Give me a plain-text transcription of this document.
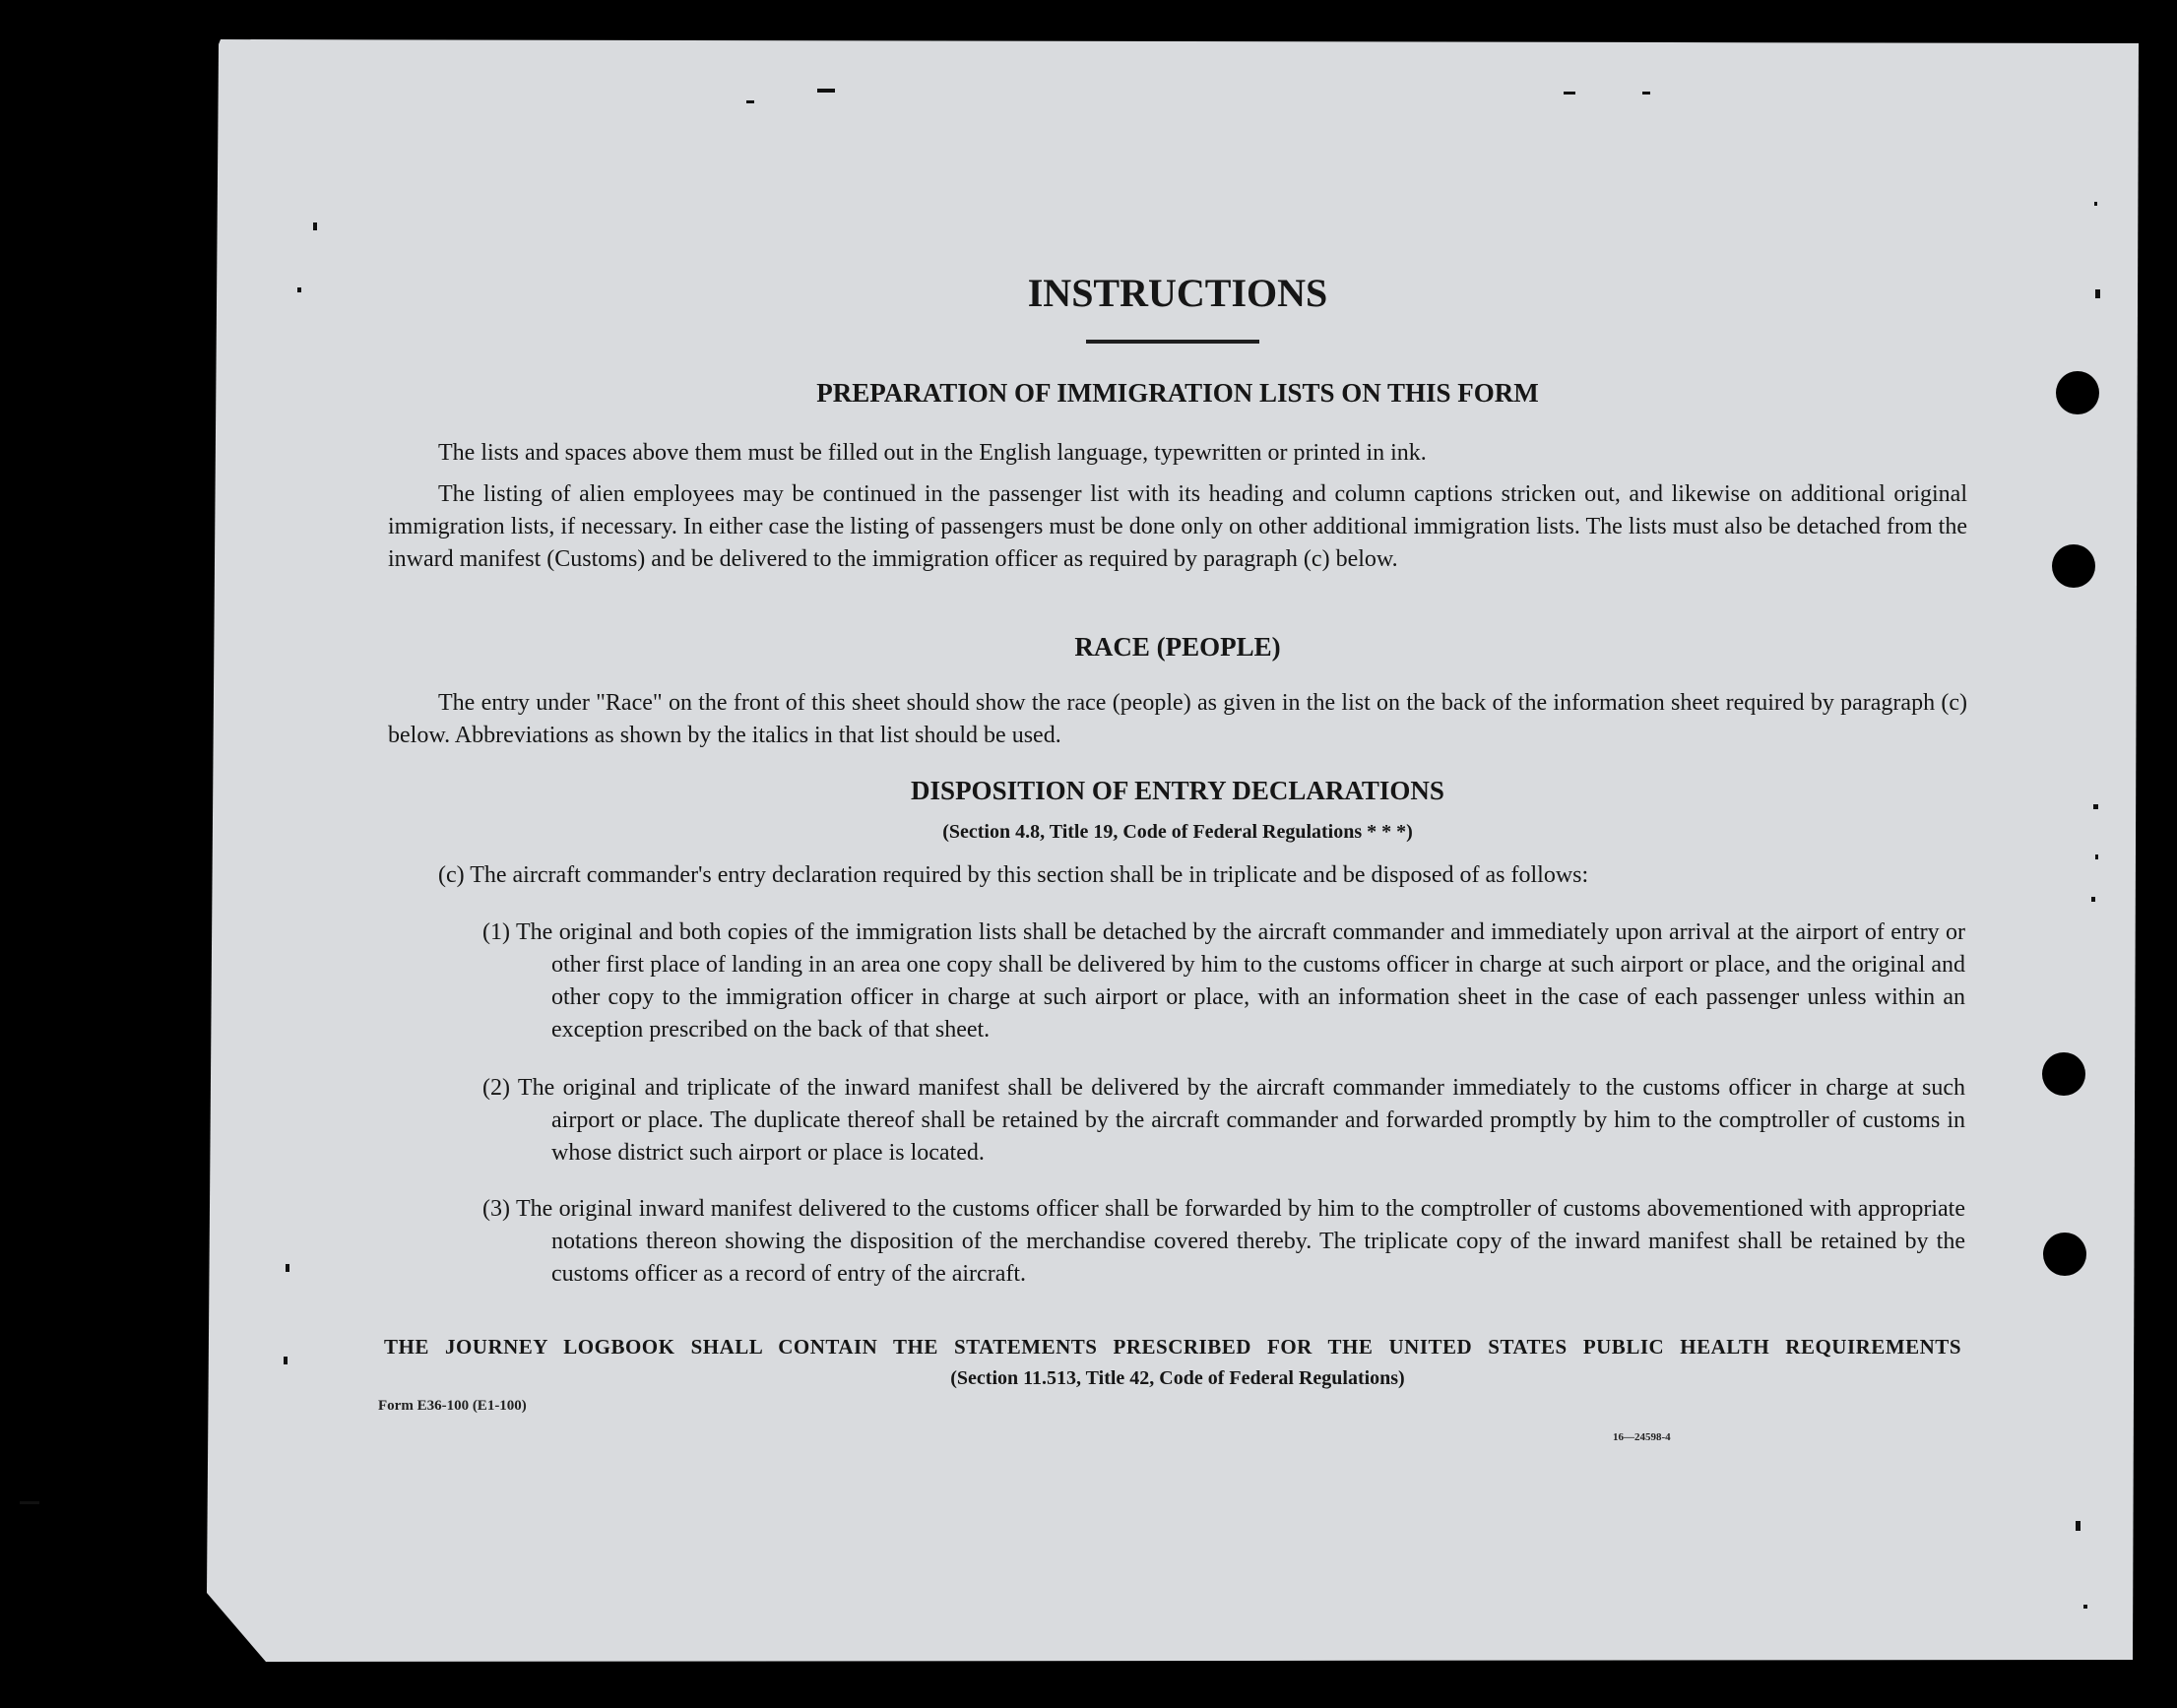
INSTRUCTIONS
PREPARATION OF IMMIGRATION LISTS ON THIS FORM
The lists and spaces above them must be filled out in the English language, typewritten or printed in ink.
The listing of alien employees may be continued in the passenger list with its heading and column captions stricken out, and likewise on additional original immigration lists, if necessary. In either case the listing of passengers must be done only on other additional immigration lists. The lists must also be detached from the inward manifest (Customs) and be delivered to the immigration officer as required by paragraph (c) below.
RACE (PEOPLE)
The entry under "Race" on the front of this sheet should show the race (people) as given in the list on the back of the information sheet required by paragraph (c) below. Abbreviations as shown by the italics in that list should be used.
DISPOSITION OF ENTRY DECLARATIONS
(Section 4.8, Title 19, Code of Federal Regulations * * *)
(c) The aircraft commander's entry declaration required by this section shall be in triplicate and be disposed of as follows:
(1) The original and both copies of the immigration lists shall be detached by the aircraft commander and immediately upon arrival at the airport of entry or other first place of landing in an area one copy shall be delivered by him to the customs officer in charge at such airport or place, and the original and other copy to the immigration officer in charge at such airport or place, with an information sheet in the case of each passenger unless within an exception prescribed on the back of that sheet.
(2) The original and triplicate of the inward manifest shall be delivered by the aircraft commander immediately to the customs officer in charge at such airport or place. The duplicate thereof shall be retained by the aircraft commander and forwarded promptly by him to the comptroller of customs in whose district such airport or place is located.
(3) The original inward manifest delivered to the customs officer shall be forwarded by him to the comptroller of customs abovementioned with appropriate notations thereon showing the disposition of the merchandise covered thereby. The triplicate copy of the inward manifest shall be retained by the customs officer as a record of entry of the aircraft.
THE JOURNEY LOGBOOK SHALL CONTAIN THE STATEMENTS PRESCRIBED FOR THE UNITED STATES PUBLIC HEALTH REQUIREMENTS
(Section 11.513, Title 42, Code of Federal Regulations)
Form E36-100 (E1-100)
16—24598-4
